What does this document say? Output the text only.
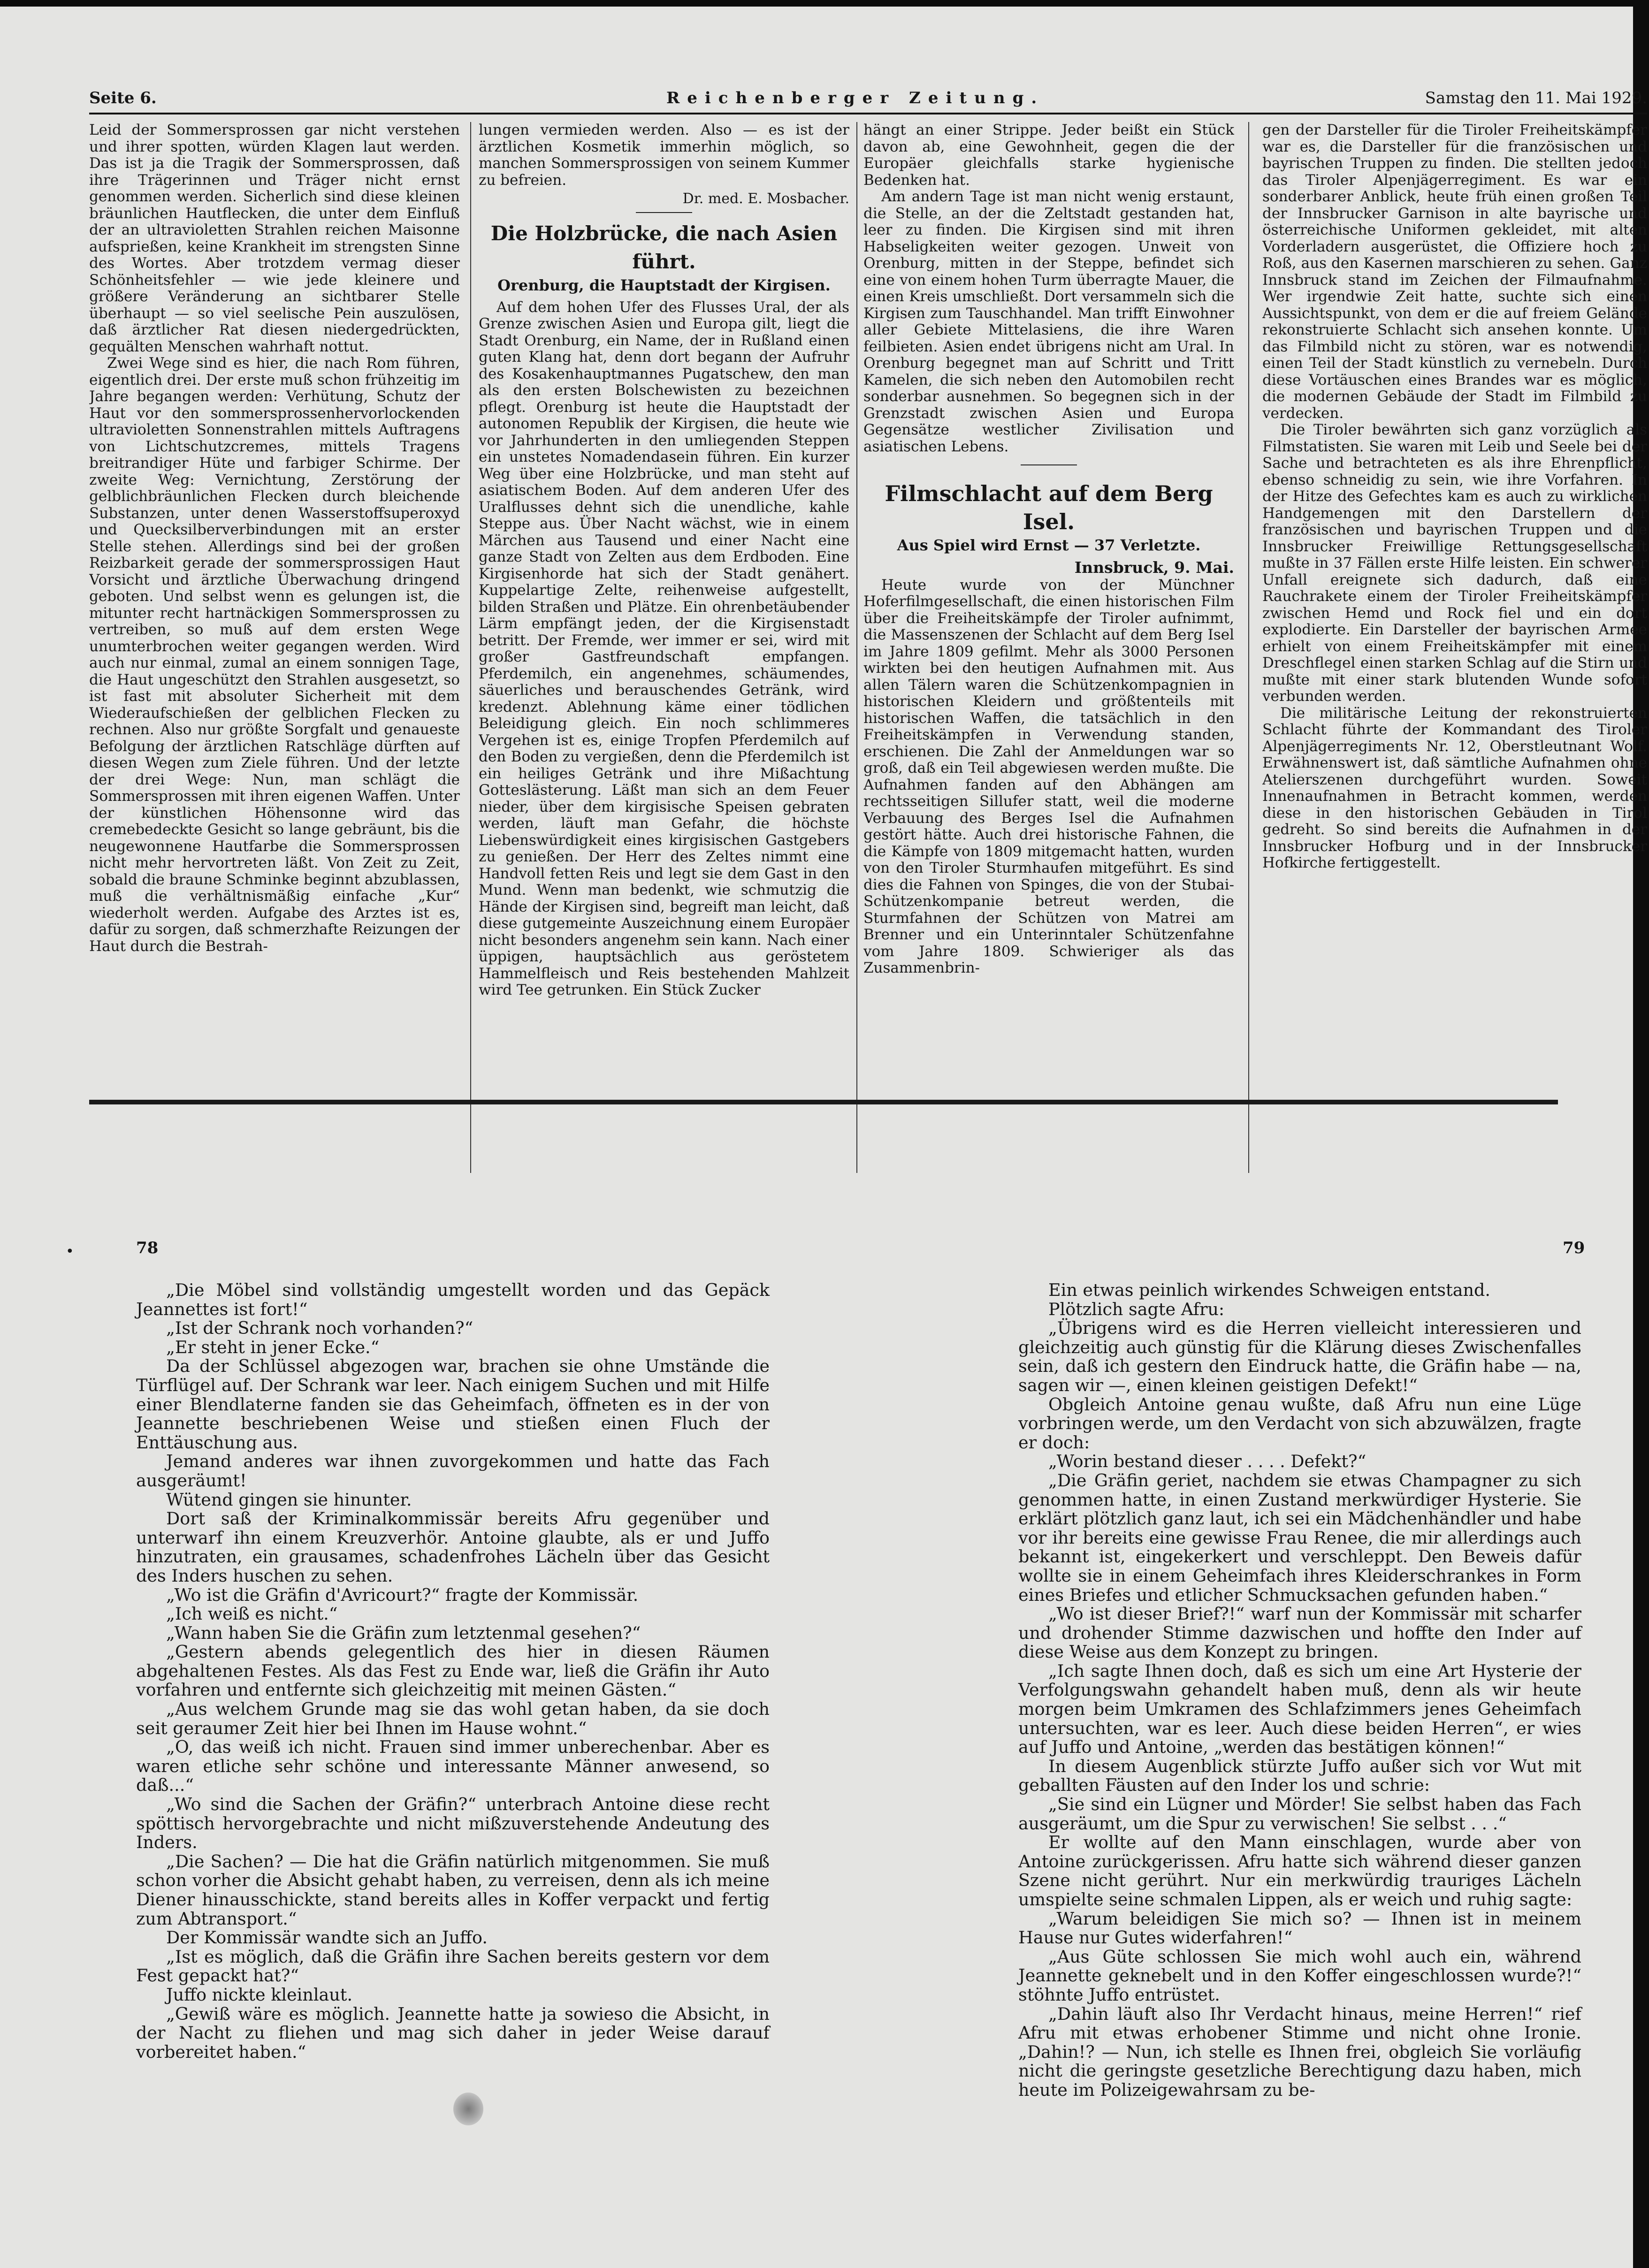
Seite 6.	Reichenberger Zeitung.	Samstag den 11. Mai 1929.

Leid der Sommersprossen gar nicht verstehen und ihrer spotten, würden Klagen laut werden. Das ist ja die Tragik der Sommersprossen, daß ihre Trägerinnen und Träger nicht ernst genommen werden. Sicherlich sind diese kleinen bräunlichen Hautflecken, die unter dem Einfluß der an ultravioletten Strahlen reichen Maisonne aufsprießen, keine Krankheit im strengsten Sinne des Wortes. Aber trotzdem vermag dieser Schönheitsfehler — wie jede kleinere und größere Veränderung an sichtbarer Stelle überhaupt — so viel seelische Pein auszulösen, daß ärztlicher Rat diesen niedergedrückten, gequälten Menschen wahrhaft nottut.

Zwei Wege sind es hier, die nach Rom führen, eigentlich drei. Der erste muß schon frühzeitig im Jahre begangen werden: Verhütung, Schutz der Haut vor den sommersprossenhervorlockenden ultravioletten Sonnenstrahlen mittels Auftragens von Lichtschutzcremes, mittels Tragens breitrandiger Hüte und farbiger Schirme. Der zweite Weg: Vernichtung, Zerstörung der gelblichbräunlichen Flecken durch bleichende Substanzen, unter denen Wasserstoffsuperoxyd und Quecksilberverbindungen mit an erster Stelle stehen. Allerdings sind bei der großen Reizbarkeit gerade der sommersprossigen Haut Vorsicht und ärztliche Überwachung dringend geboten. Und selbst wenn es gelungen ist, die mitunter recht hartnäckigen Sommersprossen zu vertreiben, so muß auf dem ersten Wege unumterbrochen weiter gegangen werden. Wird auch nur einmal, zumal an einem sonnigen Tage, die Haut ungeschützt den Strahlen ausgesetzt, so ist fast mit absoluter Sicherheit mit dem Wiederaufschießen der gelblichen Flecken zu rechnen. Also nur größte Sorgfalt und genaueste Befolgung der ärztlichen Ratschläge dürften auf diesen Wegen zum Ziele führen. Und der letzte der drei Wege: Nun, man schlägt die Sommersprossen mit ihren eigenen Waffen. Unter der künstlichen Höhensonne wird das cremebedeckte Gesicht so lange gebräunt, bis die neugewonnene Hautfarbe die Sommersprossen nicht mehr hervortreten läßt. Von Zeit zu Zeit, sobald die braune Schminke beginnt abzublassen, muß die verhältnismäßig einfache „Kur“ wiederholt werden. Aufgabe des Arztes ist es, dafür zu sorgen, daß schmerzhafte Reizungen der Haut durch die Bestrah-

lungen vermieden werden. Also — es ist der ärztlichen Kosmetik immerhin möglich, so manchen Sommersprossigen von seinem Kummer zu befreien.

Dr. med. E. Mosbacher.
Die Holzbrücke, die nach Asien führt.
Orenburg, die Hauptstadt der Kirgisen.

Auf dem hohen Ufer des Flusses Ural, der als Grenze zwischen Asien und Europa gilt, liegt die Stadt Orenburg, ein Name, der in Rußland einen guten Klang hat, denn dort begann der Aufruhr des Kosakenhauptmannes Pugatschew, den man als den ersten Bolschewisten zu bezeichnen pflegt. Orenburg ist heute die Hauptstadt der autonomen Republik der Kirgisen, die heute wie vor Jahrhunderten in den umliegenden Steppen ein unstetes Nomadendasein führen. Ein kurzer Weg über eine Holzbrücke, und man steht auf asiatischem Boden. Auf dem anderen Ufer des Uralflusses dehnt sich die unendliche, kahle Steppe aus. Über Nacht wächst, wie in einem Märchen aus Tausend und einer Nacht eine ganze Stadt von Zelten aus dem Erdboden. Eine Kirgisenhorde hat sich der Stadt genähert. Kuppelartige Zelte, reihenweise aufgestellt, bilden Straßen und Plätze. Ein ohrenbetäubender Lärm empfängt jeden, der die Kirgisenstadt betritt. Der Fremde, wer immer er sei, wird mit großer Gastfreundschaft empfangen. Pferdemilch, ein angenehmes, schäumendes, säuerliches und berauschendes Getränk, wird kredenzt. Ablehnung käme einer tödlichen Beleidigung gleich. Ein noch schlimmeres Vergehen ist es, einige Tropfen Pferdemilch auf den Boden zu vergießen, denn die Pferdemilch ist ein heiliges Getränk und ihre Mißachtung Gotteslästerung. Läßt man sich an dem Feuer nieder, über dem kirgisische Speisen gebraten werden, läuft man Gefahr, die höchste Liebenswürdigkeit eines kirgisischen Gastgebers zu genießen. Der Herr des Zeltes nimmt eine Handvoll fetten Reis und legt sie dem Gast in den Mund. Wenn man bedenkt, wie schmutzig die Hände der Kirgisen sind, begreift man leicht, daß diese gutgemeinte Auszeichnung einem Europäer nicht besonders angenehm sein kann. Nach einer üppigen, hauptsächlich aus geröstetem Hammelfleisch und Reis bestehenden Mahlzeit wird Tee getrunken. Ein Stück Zucker

hängt an einer Strippe. Jeder beißt ein Stück davon ab, eine Gewohnheit, gegen die der Europäer gleichfalls starke hygienische Bedenken hat.

Am andern Tage ist man nicht wenig erstaunt, die Stelle, an der die Zeltstadt gestanden hat, leer zu finden. Die Kirgisen sind mit ihren Habseligkeiten weiter gezogen. Unweit von Orenburg, mitten in der Steppe, befindet sich eine von einem hohen Turm überragte Mauer, die einen Kreis umschließt. Dort versammeln sich die Kirgisen zum Tauschhandel. Man trifft Einwohner aller Gebiete Mittelasiens, die ihre Waren feilbieten. Asien endet übrigens nicht am Ural. In Orenburg begegnet man auf Schritt und Tritt Kamelen, die sich neben den Automobilen recht sonderbar ausnehmen. So begegnen sich in der Grenzstadt zwischen Asien und Europa Gegensätze westlicher Zivilisation und asiatischen Lebens.

Filmschlacht auf dem Berg Isel.
Aus Spiel wird Ernst — 37 Verletzte.
Innsbruck, 9. Mai.

Heute wurde von der Münchner Hoferfilmgesellschaft, die einen historischen Film über die Freiheitskämpfe der Tiroler aufnimmt, die Massenszenen der Schlacht auf dem Berg Isel im Jahre 1809 gefilmt. Mehr als 3000 Personen wirkten bei den heutigen Aufnahmen mit. Aus allen Tälern waren die Schützenkompagnien in historischen Kleidern und größtenteils mit historischen Waffen, die tatsächlich in den Freiheitskämpfen in Verwendung standen, erschienen. Die Zahl der Anmeldungen war so groß, daß ein Teil abgewiesen werden mußte. Die Aufnahmen fanden auf den Abhängen am rechtsseitigen Sillufer statt, weil die moderne Verbauung des Berges Isel die Aufnahmen gestört hätte. Auch drei historische Fahnen, die die Kämpfe von 1809 mitgemacht hatten, wurden von den Tiroler Sturmhaufen mitgeführt. Es sind dies die Fahnen von Spinges, die von der Stubai-Schützenkompanie betreut werden, die Sturmfahnen der Schützen von Matrei am Brenner und ein Unterinntaler Schützenfahne vom Jahre 1809. Schwieriger als das Zusammenbrin-

gen der Darsteller für die Tiroler Freiheitskämpfer war es, die Darsteller für die französischen und bayrischen Truppen zu finden. Die stellten jedoch das Tiroler Alpenjägerregiment. Es war ein sonderbarer Anblick, heute früh einen großen Teil der Innsbrucker Garnison in alte bayrische und österreichische Uniformen gekleidet, mit alten Vorderladern ausgerüstet, die Offiziere hoch zu Roß, aus den Kasernen marschieren zu sehen. Ganz Innsbruck stand im Zeichen der Filmaufnahme. Wer irgendwie Zeit hatte, suchte sich einen Aussichtspunkt, von dem er die auf freiem Gelände rekonstruierte Schlacht sich ansehen konnte. Um das Filmbild nicht zu stören, war es notwendig, einen Teil der Stadt künstlich zu vernebeln. Durch diese Vortäuschen eines Brandes war es möglich, die modernen Gebäude der Stadt im Filmbild zu verdecken.

Die Tiroler bewährten sich ganz vorzüglich als Filmstatisten. Sie waren mit Leib und Seele bei der Sache und betrachteten es als ihre Ehrenpflicht, ebenso schneidig zu sein, wie ihre Vorfahren. In der Hitze des Gefechtes kam es auch zu wirklichen Handgemengen mit den Darstellern der französischen und bayrischen Truppen und die Innsbrucker Freiwillige Rettungsgesellschaft mußte in 37 Fällen erste Hilfe leisten. Ein schwerer Unfall ereignete sich dadurch, daß eine Rauchrakete einem der Tiroler Freiheitskämpfer zwischen Hemd und Rock fiel und ein dort explodierte. Ein Darsteller der bayrischen Armee erhielt von einem Freiheitskämpfer mit einem Dreschflegel einen starken Schlag auf die Stirn und mußte mit einer stark blutenden Wunde sofort verbunden werden.

Die militärische Leitung der rekonstruierten Schlacht führte der Kommandant des Tiroler Alpenjägerregiments Nr. 12, Oberstleutnant Wolf. Erwähnenswert ist, daß sämtliche Aufnahmen ohne Atelierszenen durchgeführt wurden. Soweit Innenaufnahmen in Betracht kommen, werden diese in den historischen Gebäuden in Tirol gedreht. So sind bereits die Aufnahmen in der Innsbrucker Hofburg und in der Innsbrucker Hofkirche fertiggestellt.

•	78	79

„Die Möbel sind vollständig umgestellt worden und das Gepäck Jeannettes ist fort!“

„Ist der Schrank noch vorhanden?“

„Er steht in jener Ecke.“

Da der Schlüssel abgezogen war, brachen sie ohne Umstände die Türflügel auf. Der Schrank war leer. Nach einigem Suchen und mit Hilfe einer Blendlaterne fanden sie das Geheimfach, öffneten es in der von Jeannette beschriebenen Weise und stießen einen Fluch der Enttäuschung aus.

Jemand anderes war ihnen zuvorgekommen und hatte das Fach ausgeräumt!

Wütend gingen sie hinunter.

Dort saß der Kriminalkommissär bereits Afru gegenüber und unterwarf ihn einem Kreuzverhör. Antoine glaubte, als er und Juffo hinzutraten, ein grausames, schadenfrohes Lächeln über das Gesicht des Inders huschen zu sehen.

„Wo ist die Gräfin d'Avricourt?“ fragte der Kommissär.

„Ich weiß es nicht.“

„Wann haben Sie die Gräfin zum letztenmal gesehen?“

„Gestern abends gelegentlich des hier in diesen Räumen abgehaltenen Festes. Als das Fest zu Ende war, ließ die Gräfin ihr Auto vorfahren und entfernte sich gleichzeitig mit meinen Gästen.“

„Aus welchem Grunde mag sie das wohl getan haben, da sie doch seit geraumer Zeit hier bei Ihnen im Hause wohnt.“

„O, das weiß ich nicht. Frauen sind immer unberechenbar. Aber es waren etliche sehr schöne und interessante Männer anwesend, so daß...“

„Wo sind die Sachen der Gräfin?“ unterbrach Antoine diese recht spöttisch hervorgebrachte und nicht mißzuverstehende Andeutung des Inders.

„Die Sachen? — Die hat die Gräfin natürlich mitgenommen. Sie muß schon vorher die Absicht gehabt haben, zu verreisen, denn als ich meine Diener hinausschickte, stand bereits alles in Koffer verpackt und fertig zum Abtransport.“

Der Kommissär wandte sich an Juffo.

„Ist es möglich, daß die Gräfin ihre Sachen bereits gestern vor dem Fest gepackt hat?“

Juffo nickte kleinlaut.

„Gewiß wäre es möglich. Jeannette hatte ja sowieso die Absicht, in der Nacht zu fliehen und mag sich daher in jeder Weise darauf vorbereitet haben.“

Ein etwas peinlich wirkendes Schweigen entstand.

Plötzlich sagte Afru:

„Übrigens wird es die Herren vielleicht interessieren und gleichzeitig auch günstig für die Klärung dieses Zwischenfalles sein, daß ich gestern den Eindruck hatte, die Gräfin habe — na, sagen wir —, einen kleinen geistigen Defekt!“

Obgleich Antoine genau wußte, daß Afru nun eine Lüge vorbringen werde, um den Verdacht von sich abzuwälzen, fragte er doch:

„Worin bestand dieser . . . . Defekt?“

„Die Gräfin geriet, nachdem sie etwas Champagner zu sich genommen hatte, in einen Zustand merkwürdiger Hysterie. Sie erklärt plötzlich ganz laut, ich sei ein Mädchenhändler und habe vor ihr bereits eine gewisse Frau Renee, die mir allerdings auch bekannt ist, eingekerkert und verschleppt. Den Beweis dafür wollte sie in einem Geheimfach ihres Kleiderschrankes in Form eines Briefes und etlicher Schmucksachen gefunden haben.“

„Wo ist dieser Brief?!“ warf nun der Kommissär mit scharfer und drohender Stimme dazwischen und hoffte den Inder auf diese Weise aus dem Konzept zu bringen.

„Ich sagte Ihnen doch, daß es sich um eine Art Hysterie der Verfolgungswahn gehandelt haben muß, denn als wir heute morgen beim Umkramen des Schlafzimmers jenes Geheimfach untersuchten, war es leer. Auch diese beiden Herren“, er wies auf Juffo und Antoine, „werden das bestätigen können!“

In diesem Augenblick stürzte Juffo außer sich vor Wut mit geballten Fäusten auf den Inder los und schrie:

„Sie sind ein Lügner und Mörder! Sie selbst haben das Fach ausgeräumt, um die Spur zu verwischen! Sie selbst . . .“

Er wollte auf den Mann einschlagen, wurde aber von Antoine zurückgerissen. Afru hatte sich während dieser ganzen Szene nicht gerührt. Nur ein merkwürdig trauriges Lächeln umspielte seine schmalen Lippen, als er weich und ruhig sagte:

„Warum beleidigen Sie mich so? — Ihnen ist in meinem Hause nur Gutes widerfahren!“

„Aus Güte schlossen Sie mich wohl auch ein, während Jeannette geknebelt und in den Koffer eingeschlossen wurde?!“ stöhnte Juffo entrüstet.

„Dahin läuft also Ihr Verdacht hinaus, meine Herren!“ rief Afru mit etwas erhobener Stimme und nicht ohne Ironie. „Dahin!? — Nun, ich stelle es Ihnen frei, obgleich Sie vorläufig nicht die geringste gesetzliche Berechtigung dazu haben, mich heute im Polizeigewahrsam zu be-
